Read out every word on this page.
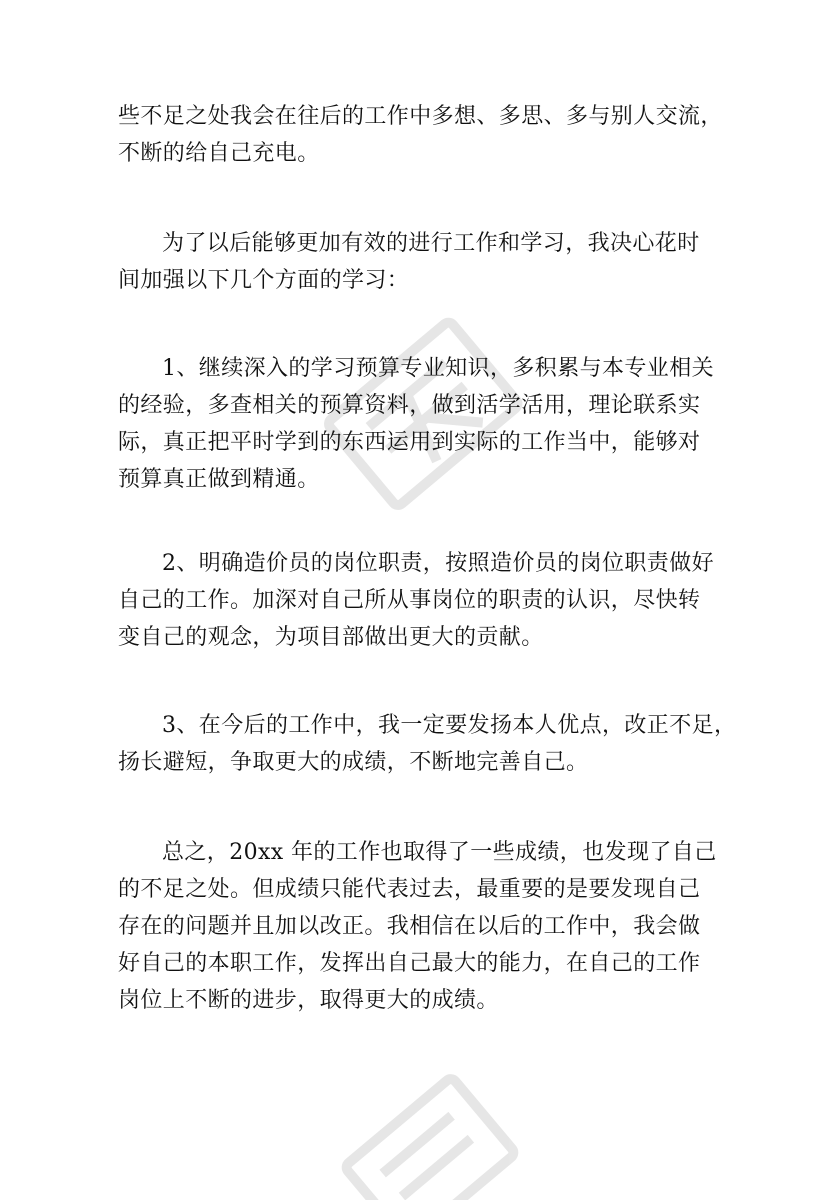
些不足之处我会在往后的工作中多想、多思、多与别人交流，
不断的给自己充电。
为了以后能够更加有效的进行工作和学习，我决心花时
间加强以下几个方面的学习：
1、继续深入的学习预算专业知识，多积累与本专业相关
的经验，多查相关的预算资料，做到活学活用，理论联系实
际，真正把平时学到的东西运用到实际的工作当中，能够对
预算真正做到精通。
2、明确造价员的岗位职责，按照造价员的岗位职责做好
自己的工作。加深对自己所从事岗位的职责的认识，尽快转
变自己的观念，为项目部做出更大的贡献。
3、在今后的工作中，我一定要发扬本人优点，改正不足，
扬长避短，争取更大的成绩，不断地完善自己。
总之，20xx 年的工作也取得了一些成绩，也发现了自己
的不足之处。但成绩只能代表过去，最重要的是要发现自己
存在的问题并且加以改正。我相信在以后的工作中，我会做
好自己的本职工作，发挥出自己最大的能力，在自己的工作
岗位上不断的进步，取得更大的成绩。
